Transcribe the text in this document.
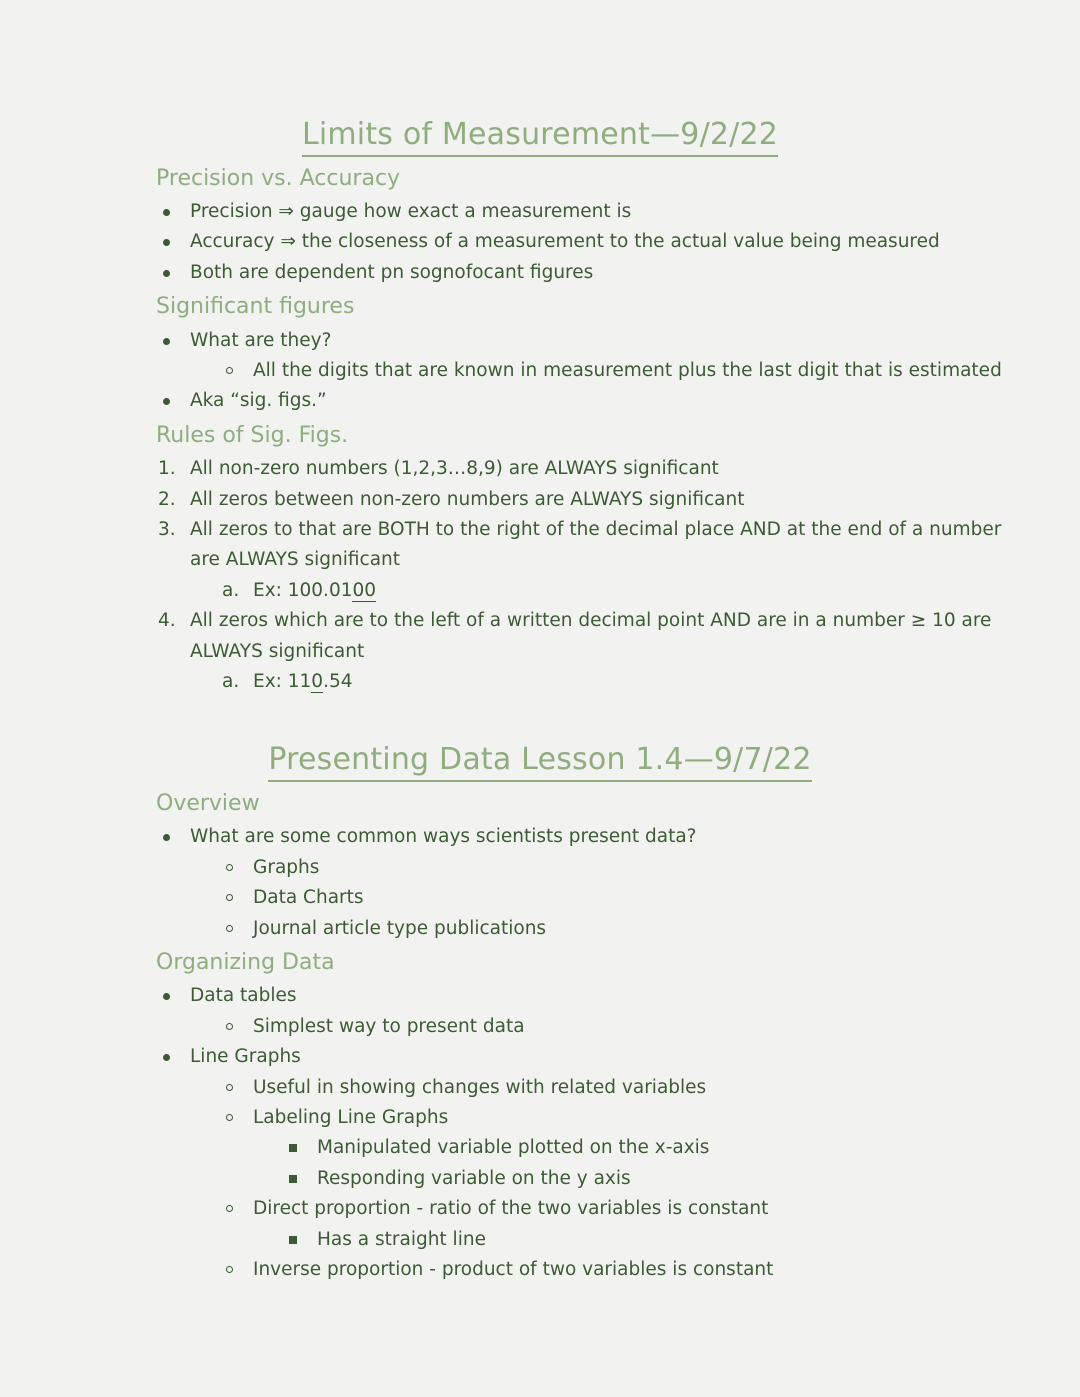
Limits of Measurement—9/2/22
Precision vs. Accuracy

Precision ⇒ gauge how exact a measurement is

Accuracy ⇒ the closeness of a measurement to the actual value being measured

Both are dependent pn sognofocant figures

Significant figures

What are they?

All the digits that are known in measurement plus the last digit that is estimated

Aka “sig. figs.”

Rules of Sig. Figs.

1. All non-zero numbers (1,2,3…8,9) are ALWAYS significant

2. All zeros between non-zero numbers are ALWAYS significant

3. All zeros to that are BOTH to the right of the decimal place AND at the end of a number are ALWAYS significant

a. Ex: 100.0100

4. All zeros which are to the left of a written decimal point AND are in a number ≥ 10 are ALWAYS significant

a. Ex: 110.54

Presenting Data Lesson 1.4—9/7/22
Overview

What are some common ways scientists present data?

Graphs

Data Charts

Journal article type publications

Organizing Data

Data tables

Simplest way to present data

Line Graphs

Useful in showing changes with related variables

Labeling Line Graphs

Manipulated variable plotted on the x-axis

Responding variable on the y axis

Direct proportion - ratio of the two variables is constant

Has a straight line

Inverse proportion - product of two variables is constant
